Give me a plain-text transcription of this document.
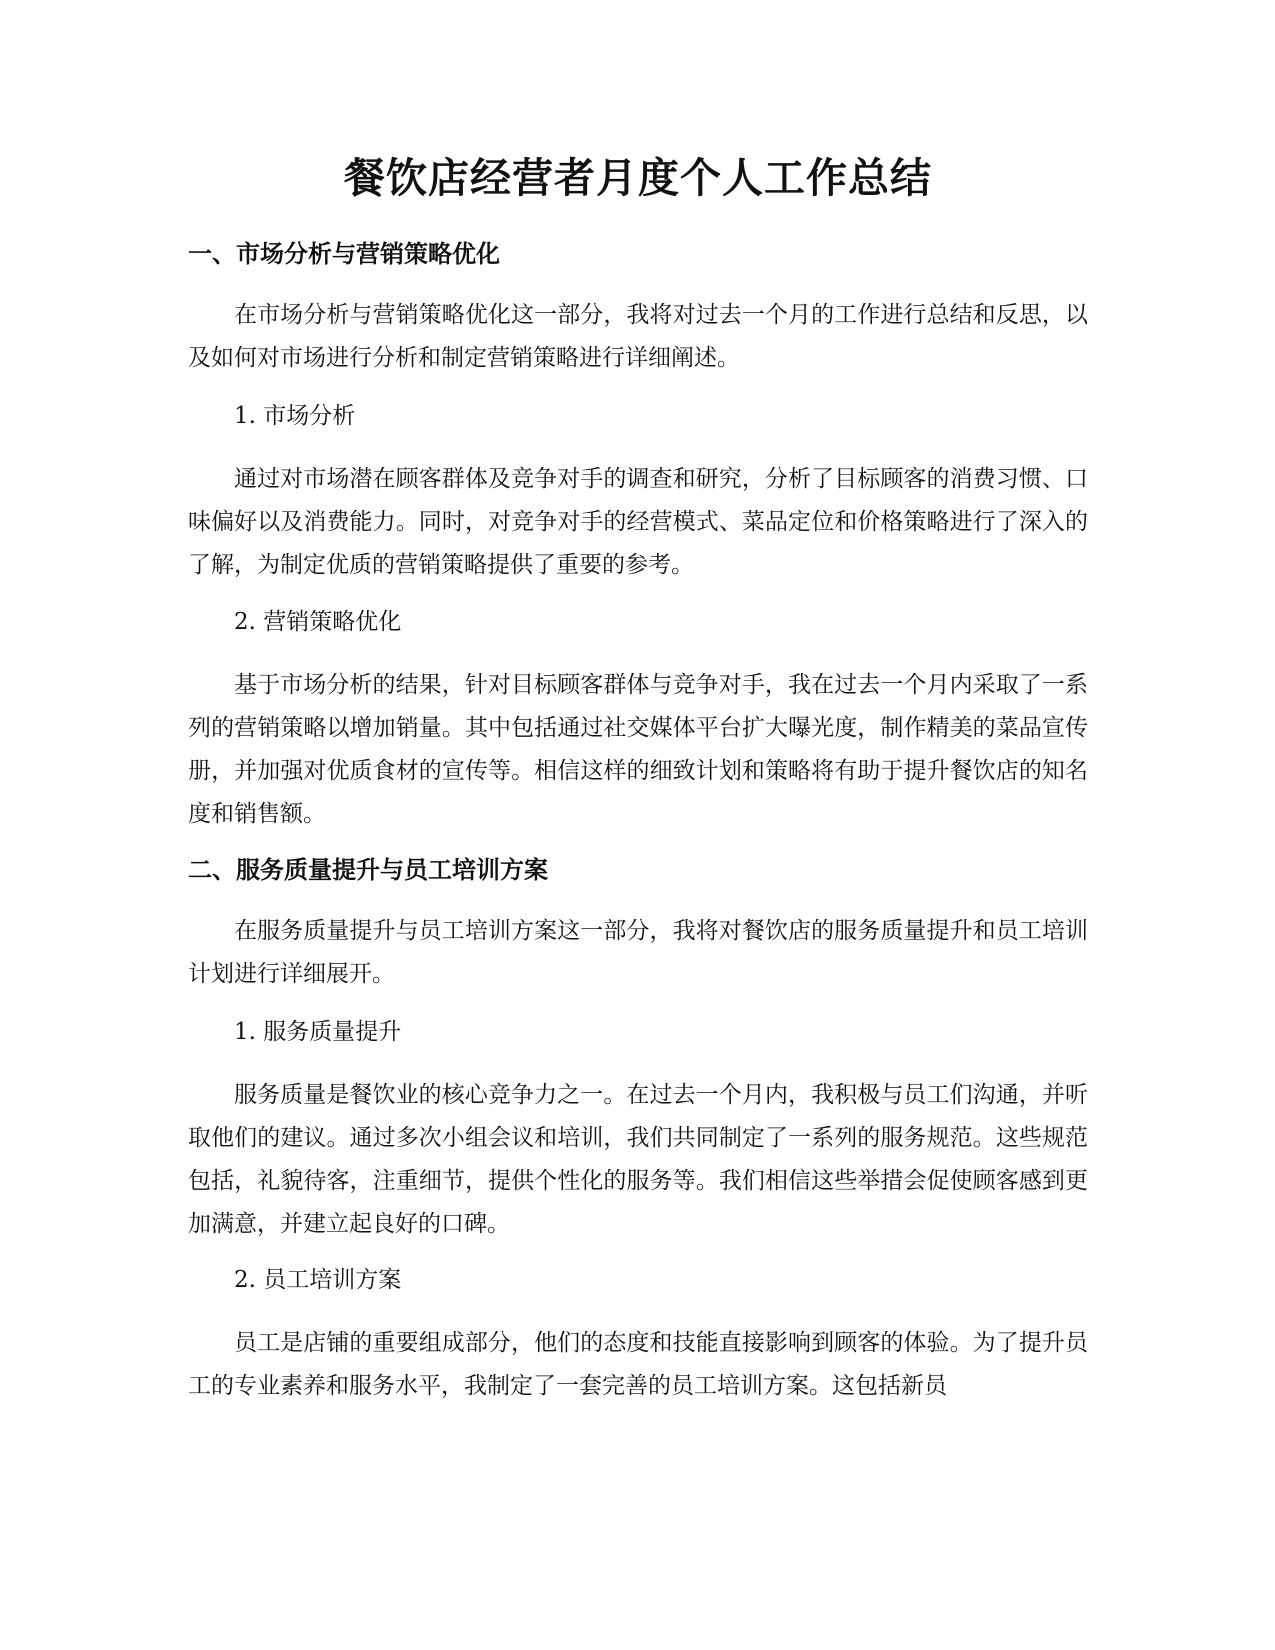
餐饮店经营者月度个人工作总结
一、市场分析与营销策略优化

在市场分析与营销策略优化这一部分，我将对过去一个月的工作进行总结和反思，以及如何对市场进行分析和制定营销策略进行详细阐述。

1. 市场分析

通过对市场潜在顾客群体及竞争对手的调查和研究，分析了目标顾客的消费习惯、口味偏好以及消费能力。同时，对竞争对手的经营模式、菜品定位和价格策略进行了深入的了解，为制定优质的营销策略提供了重要的参考。

2. 营销策略优化

基于市场分析的结果，针对目标顾客群体与竞争对手，我在过去一个月内采取了一系列的营销策略以增加销量。其中包括通过社交媒体平台扩大曝光度，制作精美的菜品宣传册，并加强对优质食材的宣传等。相信这样的细致计划和策略将有助于提升餐饮店的知名度和销售额。

二、服务质量提升与员工培训方案

在服务质量提升与员工培训方案这一部分，我将对餐饮店的服务质量提升和员工培训计划进行详细展开。

1. 服务质量提升

服务质量是餐饮业的核心竞争力之一。在过去一个月内，我积极与员工们沟通，并听取他们的建议。通过多次小组会议和培训，我们共同制定了一系列的服务规范。这些规范包括，礼貌待客，注重细节，提供个性化的服务等。我们相信这些举措会促使顾客感到更加满意，并建立起良好的口碑。

2. 员工培训方案

员工是店铺的重要组成部分，他们的态度和技能直接影响到顾客的体验。为了提升员工的专业素养和服务水平，我制定了一套完善的员工培训方案。这包括新员
